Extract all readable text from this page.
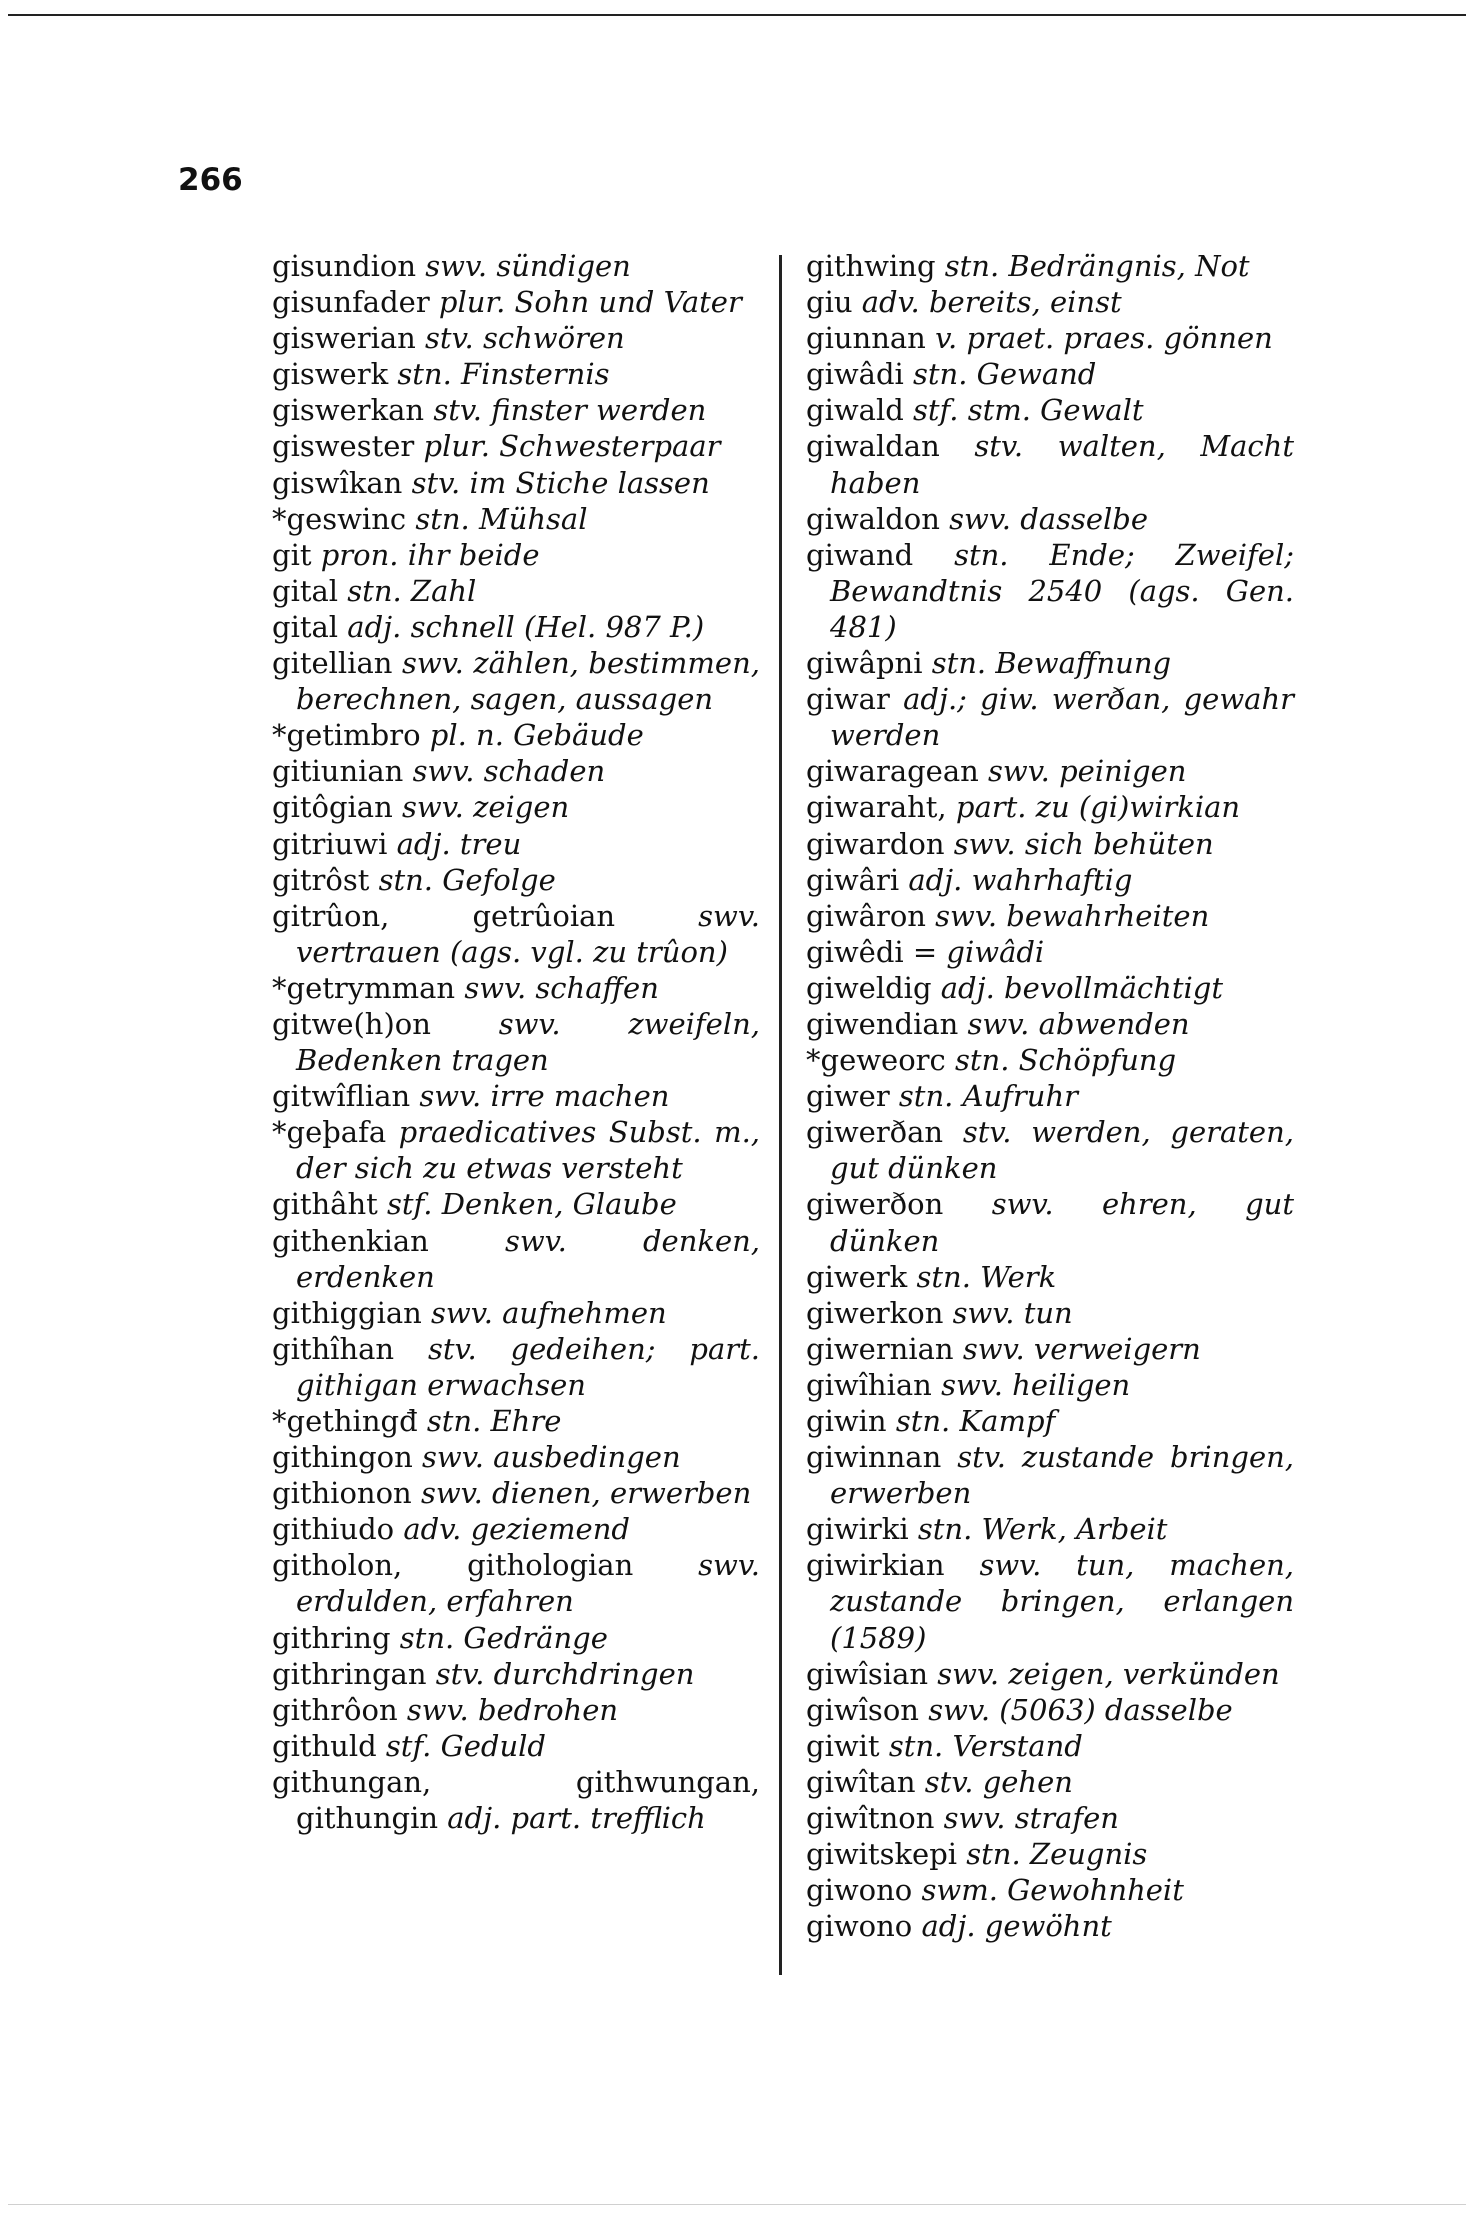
266
gisundion swv. sündigen
gisunfader plur. Sohn und Vater
giswerian stv. schwören
giswerk stn. Finsternis
giswerkan stv. finster werden
giswester plur. Schwesterpaar
giswîkan stv. im Stiche lassen
*geswinc stn. Mühsal
git pron. ihr beide
gital stn. Zahl
gital adj. schnell (Hel. 987 P.)
gitellian swv. zählen, bestimmen, berechnen, sagen, aussagen
*getimbro pl. n. Gebäude
gitiunian swv. schaden
gitôgian swv. zeigen
gitriuwi adj. treu
gitrôst stn. Gefolge
gitrûon, getrûoian	swv. vertrauen (ags. vgl. zu trûon)
*getrymman swv. schaffen
gitwe(h)on swv. zweifeln, Bedenken tragen
gitwîflian swv. irre machen
*geþafa praedicatives Subst. m., der sich zu etwas versteht
githâht stf. Denken, Glaube
githenkian	swv. denken, erdenken
githiggian swv. aufnehmen
githîhan stv. gedeihen; part. githigan erwachsen
*gethingđ stn. Ehre
githingon swv. ausbedingen
githionon swv. dienen, erwerben
githiudo adv. geziemend
githolon, githologian swv. erdulden, erfahren
githring stn. Gedränge
githringan stv. durchdringen
githrôon swv. bedrohen
githuld stf. Geduld
githungan, githwungan, githungin adj. part. trefflich
githwing stn. Bedrängnis, Not
giu adv. bereits, einst
giunnan v. praet. praes. gönnen
giwâdi stn. Gewand
giwald stf. stm. Gewalt
giwaldan stv. walten, Macht haben
giwaldon swv. dasselbe
giwand stn. Ende; Zweifel; Bewandtnis 2540 (ags. Gen. 481)
giwâpni stn. Bewaffnung
giwar adj.; giw. werðan, gewahr werden
giwaragean swv. peinigen
giwaraht, part. zu (gi)wirkian
giwardon swv. sich behüten
giwâri adj. wahrhaftig
giwâron swv. bewahrheiten
giwêdi = giwâdi
giweldig adj. bevollmächtigt
giwendian swv. abwenden
*geweorc stn. Schöpfung
giwer stn. Aufruhr
giwerðan stv. werden, geraten, gut dünken
giwerðon swv. ehren, gut dünken
giwerk stn. Werk
giwerkon swv. tun
giwernian swv. verweigern
giwîhian swv. heiligen
giwin stn. Kampf
giwinnan stv. zustande bringen, erwerben
giwirki stn. Werk, Arbeit
giwirkian swv. tun, machen, zustande bringen, erlangen (1589)
giwîsian swv. zeigen, verkünden
giwîson swv. (5063) dasselbe
giwit stn. Verstand
giwîtan stv. gehen
giwîtnon swv. strafen
giwitskepi stn. Zeugnis
giwono swm. Gewohnheit
giwono adj. gewöhnt
